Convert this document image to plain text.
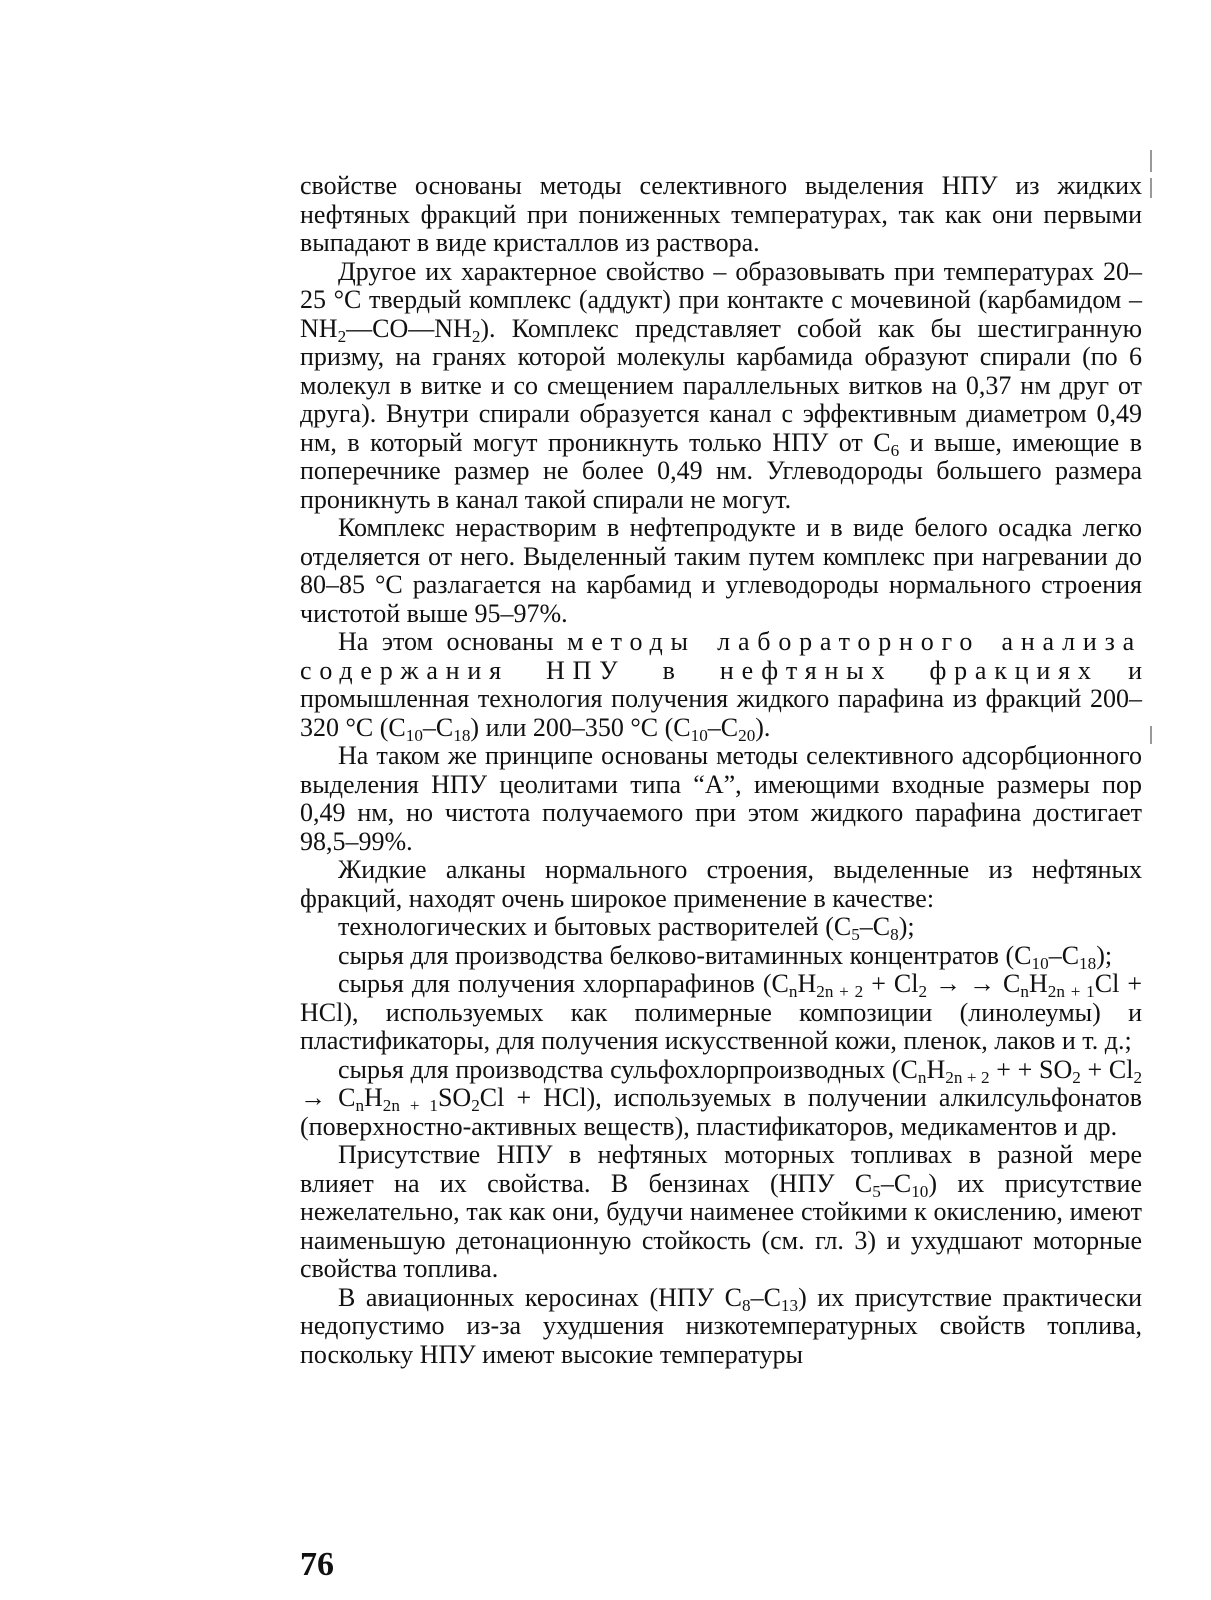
свойстве основаны методы селективного выделения НПУ из жидких нефтяных фракций при пониженных температурах, так как они первыми выпадают в виде кристаллов из раствора.

Другое их характерное свойство – образовывать при температурах 20–25 °С твердый комплекс (аддукт) при контакте с мочевиной (карбамидом – $NH_2—CO—NH_2$). Комплекс представляет собой как бы шестигранную призму, на гранях которой молекулы карбамида образуют спирали (по 6 молекул в витке и со смещением параллельных витков на 0,37 нм друг от друга). Внутри спирали образуется канал с эффективным диаметром 0,49 нм, в который могут проникнуть только НПУ от $С_6$ и выше, имеющие в поперечнике размер не более 0,49 нм. Углеводороды большего размера проникнуть в канал такой спирали не могут.

Комплекс нерастворим в нефтепродукте и в виде белого осадка легко отделяется от него. Выделенный таким путем комплекс при нагревании до 80–85 °С разлагается на карбамид и углеводороды нормального строения чистотой выше 95–97%.

На этом основаны методы лабораторного анализа содержания НПУ в нефтяных фракциях и промышленная технология получения жидкого парафина из фракций 200–320 °С $(С_{10}-С_{18})$ или 200–350 °С $(С_{10}-С_{20})$.

На таком же принципе основаны методы селективного адсорбционного выделения НПУ цеолитами типа “А”, имеющими входные размеры пор 0,49 нм, но чистота получаемого при этом жидкого парафина достигает 98,5–99%.

Жидкие алканы нормального строения, выделенные из нефтяных фракций, находят очень широкое применение в качестве:

технологических и бытовых растворителей $(С_5-С_8)$;

сырья для производства белково-витаминных концентратов $(С_{10}-С_{18})$;

сырья для получения хлорпарафинов ($С_nН_{2n + 2} + Cl_2$ → → $С_nН_{2n + 1}Cl + HCl$), используемых как полимерные композиции (линолеумы) и пластификаторы, для получения искусственной кожи, пленок, лаков и т. д.;

сырья для производства сульфохлорпроизводных ($С_nН_{2n + 2}$ + + $SO_2 + Cl_2 \to С_nН_{2n + 1}SO_2Cl + HCl$), используемых в получении алкилсульфонатов (поверхностно-активных веществ), пластификаторов, медикаментов и др.

Присутствие НПУ в нефтяных моторных топливах в разной мере влияет на их свойства. В бензинах (НПУ $С_5-С_{10}$) их присутствие нежелательно, так как они, будучи наименее стойкими к окислению, имеют наименьшую детонационную стойкость (см. гл. 3) и ухудшают моторные свойства топлива.

В авиационных керосинах (НПУ $С_8-С_{13}$) их присутствие практически недопустимо из-за ухудшения низкотемпературных свойств топлива, поскольку НПУ имеют высокие температуры

76
